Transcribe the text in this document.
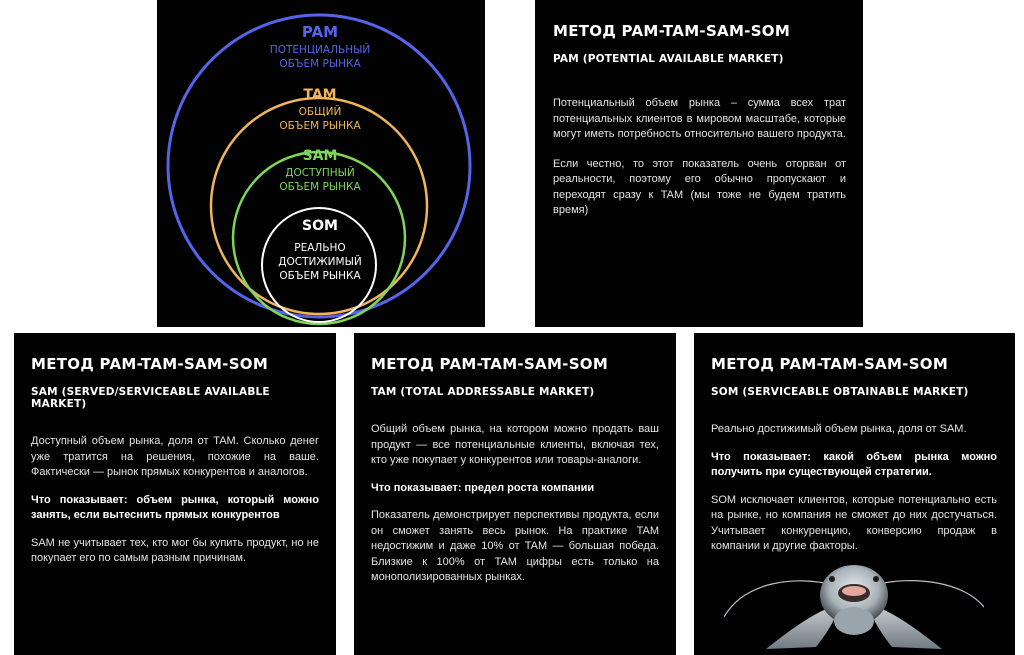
PAM
ПОТЕНЦИАЛЬНЫЙ
ОБЪЕМ РЫНКА
TAM
ОБЩИЙ
ОБЪЕМ РЫНКА
SAM
ДОСТУПНЫЙ
ОБЪЕМ РЫНКА
SOM
РЕАЛЬНО
ДОСТИЖИМЫЙ
ОБЪЕМ РЫНКА
МЕТОД PAM-TAM-SAM-SOM
PAM (POTENTIAL AVAILABLE MARKET)

Потенциальный объем рынка – сумма всех трат потенциальных клиентов в мировом масштабе, которые могут иметь потребность относительно вашего продукта.

Если честно, то этот показатель очень оторван от реальности, поэтому его обычно пропускают и переходят сразу к TAM (мы тоже не будем тратить время)

МЕТОД PAM-TAM-SAM-SOM
SAM (SERVED/SERVICEABLE AVAILABLE MARKET)

Доступный объем рынка, доля от TAM. Сколько денег уже тратится на решения, похожие на ваше. Фактически — рынок прямых конкурентов и аналогов.

Что показывает: объем рынка, который можно занять, если вытеснить прямых конкурентов

SAM не учитывает тех, кто мог бы купить продукт, но не покупает его по самым разным причинам.

МЕТОД PAM-TAM-SAM-SOM
TAM (TOTAL ADDRESSABLE MARKET)

Общий объем рынка, на котором можно продать ваш продукт — все потенциальные клиенты, включая тех, кто уже покупает у конкурентов или товары-аналоги.

Что показывает: предел роста компании

Показатель демонстрирует перспективы продукта, если он сможет занять весь рынок. На практике TAM недостижим и даже 10% от TAM — большая победа. Близкие к 100% от TAM цифры есть только на монополизированных рынках.

МЕТОД PAM-TAM-SAM-SOM
SOM (SERVICEABLE OBTAINABLE MARKET)

Реально достижимый объем рынка, доля от SAM.

Что показывает: какой объем рынка можно получить при существующей стратегии.

SOM исключает клиентов, которые потенциально есть на рынке, но компания не сможет до них достучаться. Учитывает конкуренцию, конверсию продаж в компании и другие факторы.
